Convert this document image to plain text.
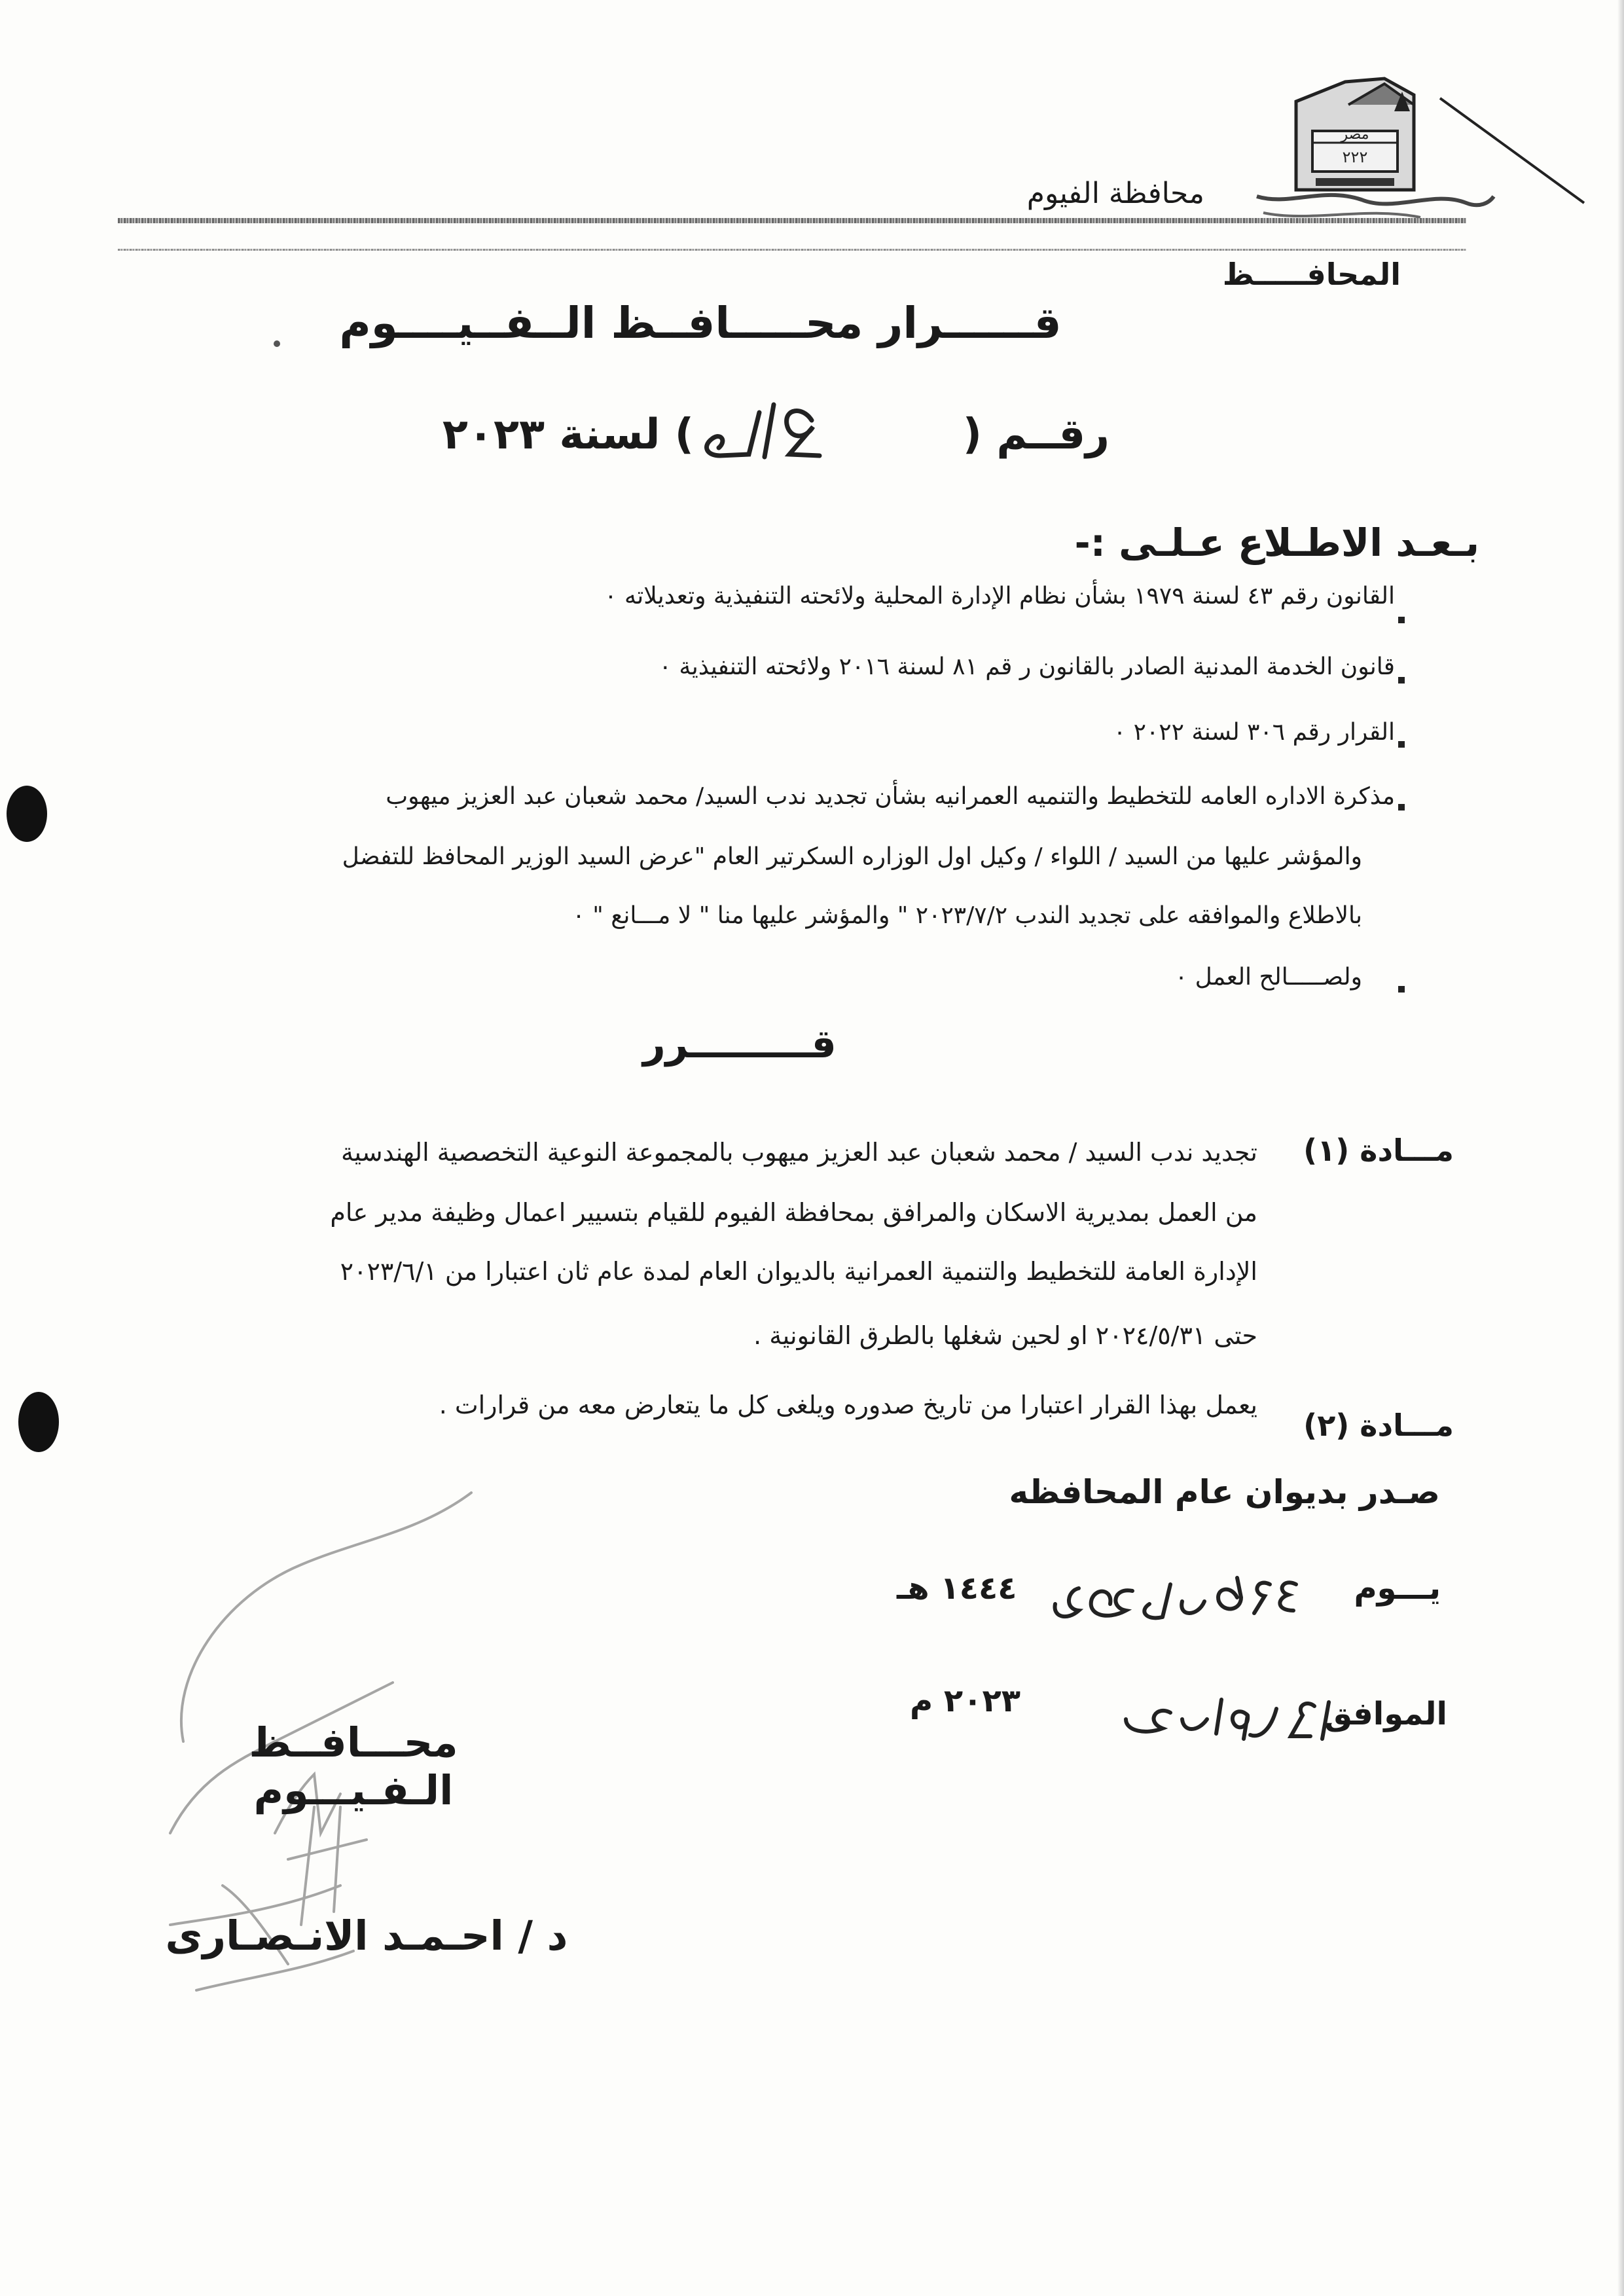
مصر
٢٢٢
محافظة الفيوم
المحافـــــظ
قــــــرار محـــــافــظ الــفــيــــوم
رقــم (
) لسنة ٢٠٢٣
بـعـد الاطـلاع عـلـى :-
القانون رقم ٤٣ لسنة ١٩٧٩ بشأن نظام الإدارة المحلية ولائحته التنفيذية وتعديلاته ٠
قانون الخدمة المدنية الصادر بالقانون ر قم ٨١ لسنة ٢٠١٦ ولائحته التنفيذية ٠
القرار رقم ٣٠٦ لسنة ٢٠٢٢ ٠
مذكرة الاداره العامه للتخطيط والتنميه العمرانيه بشأن تجديد ندب السيد/ محمد شعبان عبد العزيز ميهوب
والمؤشر عليها من السيد / اللواء / وكيل اول الوزاره السكرتير العام "عرض السيد الوزير المحافظ للتفضل
بالاطلاع والموافقه على تجديد الندب ٢٠٢٣/٧/٢ " والمؤشر عليها منا " لا مـــانع " ٠
ولصـــــالح العمل ٠
قـــــــــرر
مـــادة (١)
تجديد ندب السيد / محمد شعبان عبد العزيز ميهوب بالمجموعة النوعية التخصصية الهندسية
من العمل بمديرية الاسكان والمرافق بمحافظة الفيوم للقيام بتسيير اعمال وظيفة مدير عام
الإدارة العامة للتخطيط والتنمية العمرانية بالديوان العام لمدة عام ثان اعتبارا من ٢٠٢٣/٦/١
حتى ٢٠٢٤/٥/٣١ او لحين شغلها بالطرق القانونية .
مـــادة (٢)
يعمل بهذا القرار اعتبارا من تاريخ صدوره ويلغى كل ما يتعارض معه من قرارات .
صـدر بديوان عام المحافظه
يـــوم
١٤٤٤ هـ
الموافق
٢٠٢٣ م
محـــافــظ الـفـيـــوم
د / احـمـد الانـصـارى
